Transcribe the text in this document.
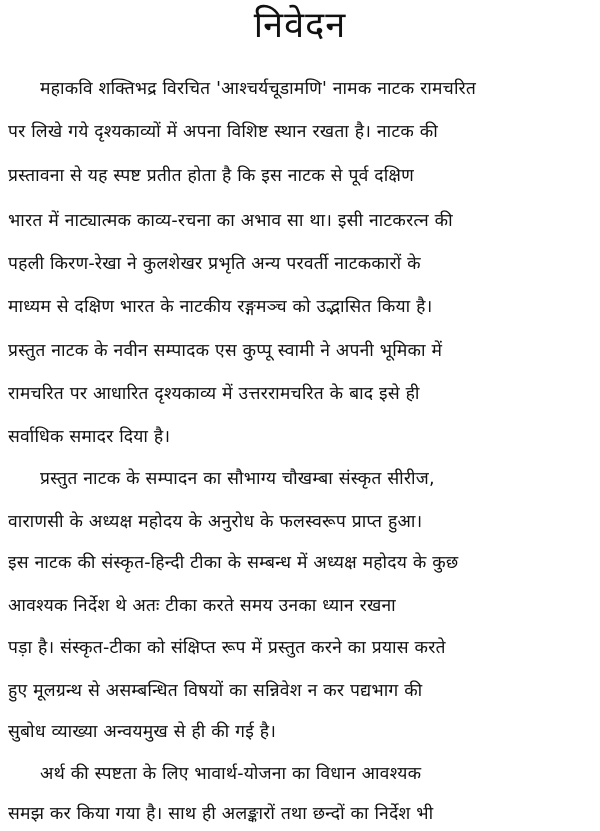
निवेदन
महाकवि शक्तिभद्र विरचित 'आश्चर्यचूडामणि' नामक नाटक रामचरित
पर लिखे गये दृश्यकाव्यों में अपना विशिष्ट स्थान रखता है। नाटक की
प्रस्तावना से यह स्पष्ट प्रतीत होता है कि इस नाटक से पूर्व दक्षिण
भारत में नाट्यात्मक काव्य-रचना का अभाव सा था। इसी नाटकरत्न की
पहली किरण-रेखा ने कुलशेखर प्रभृति अन्य परवर्ती नाटककारों के
माध्यम से दक्षिण भारत के नाटकीय रङ्गमञ्च को उद्भासित किया है।
प्रस्तुत नाटक के नवीन सम्पादक एस कुप्पू स्वामी ने अपनी भूमिका में
रामचरित पर आधारित दृश्यकाव्य में उत्तररामचरित के बाद इसे ही
सर्वाधिक समादर दिया है।
प्रस्तुत नाटक के सम्पादन का सौभाग्य चौखम्बा संस्कृत सीरीज,
वाराणसी के अध्यक्ष महोदय के अनुरोध के फलस्वरूप प्राप्त हुआ।
इस नाटक की संस्कृत-हिन्दी टीका के सम्बन्ध में अध्यक्ष महोदय के कुछ
आवश्यक निर्देश थे अतः टीका करते समय उनका ध्यान रखना
पड़ा है। संस्कृत-टीका को संक्षिप्त रूप में प्रस्तुत करने का प्रयास करते
हुए मूलग्रन्थ से असम्बन्धित विषयों का सन्निवेश न कर पद्यभाग की
सुबोध व्याख्या अन्वयमुख से ही की गई है।
अर्थ की स्पष्टता के लिए भावार्थ-योजना का विधान आवश्यक
समझ कर किया गया है। साथ ही अलङ्कारों तथा छन्दों का निर्देश भी
